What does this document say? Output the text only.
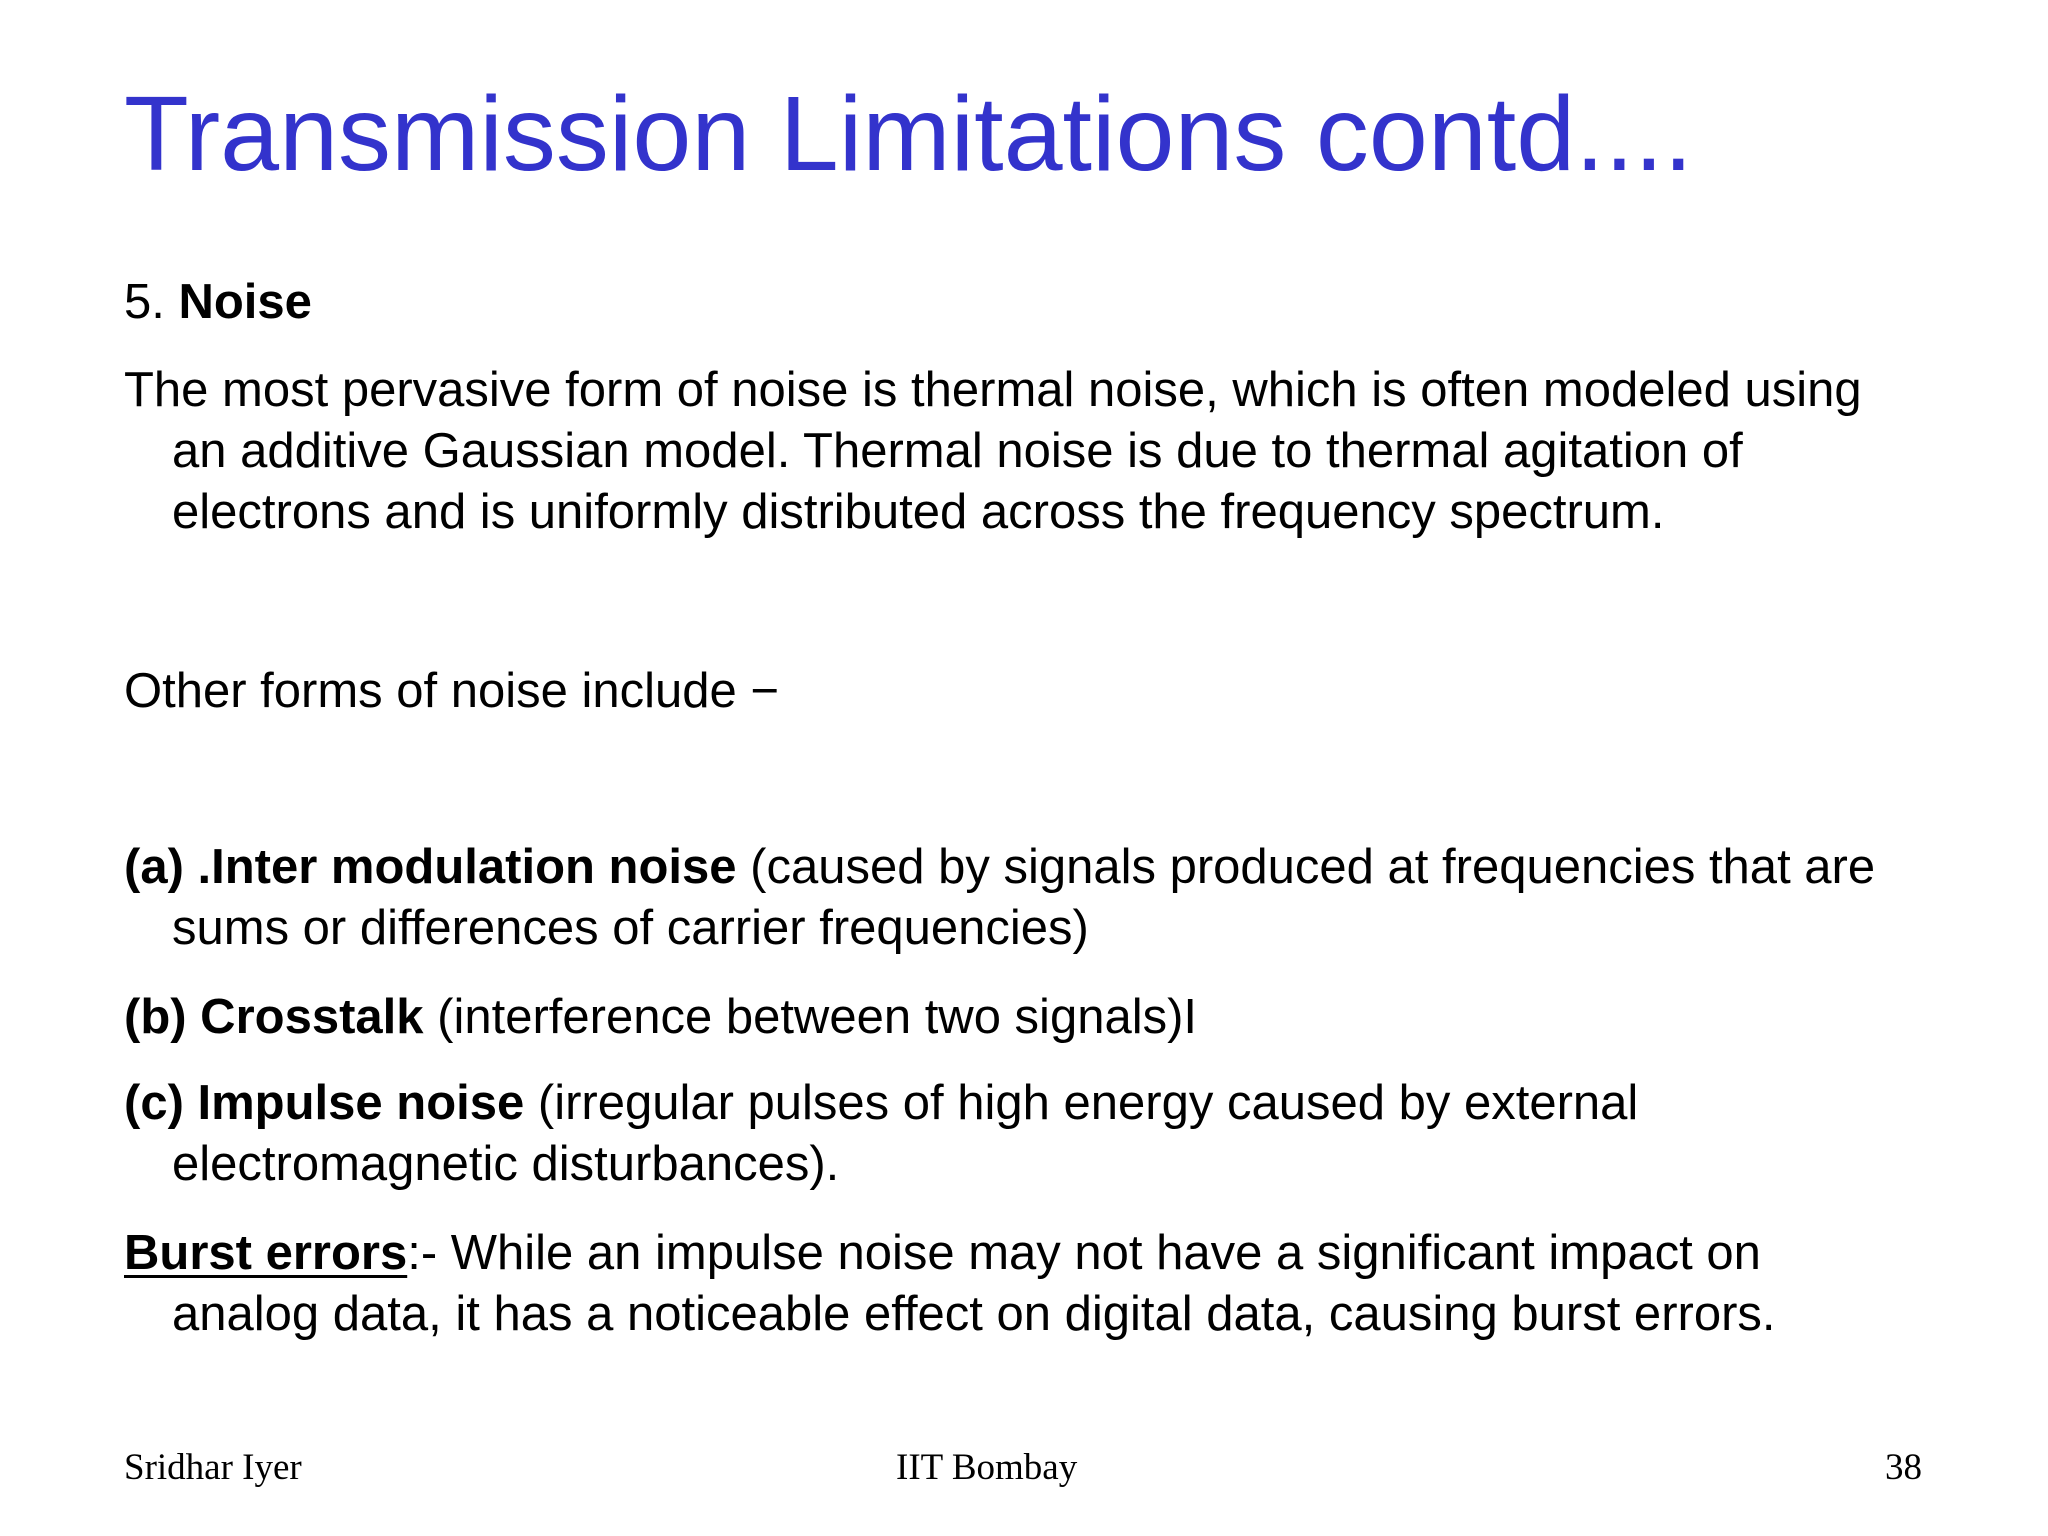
Transmission Limitations contd....
5. Noise
The most pervasive form of noise is thermal noise, which is often modeled using an additive Gaussian model. Thermal noise is due to thermal agitation of electrons and is uniformly distributed across the frequency spectrum.
Other forms of noise include −
(a) .Inter modulation noise (caused by signals produced at frequencies that are sums or differences of carrier frequencies)
(b) Crosstalk (interference between two signals)I
(c) Impulse noise (irregular pulses of high energy caused by external electromagnetic disturbances).
Burst errors:- While an impulse noise may not have a significant impact on analog data, it has a noticeable effect on digital data, causing burst errors.
Sridhar Iyer	IIT Bombay	38
